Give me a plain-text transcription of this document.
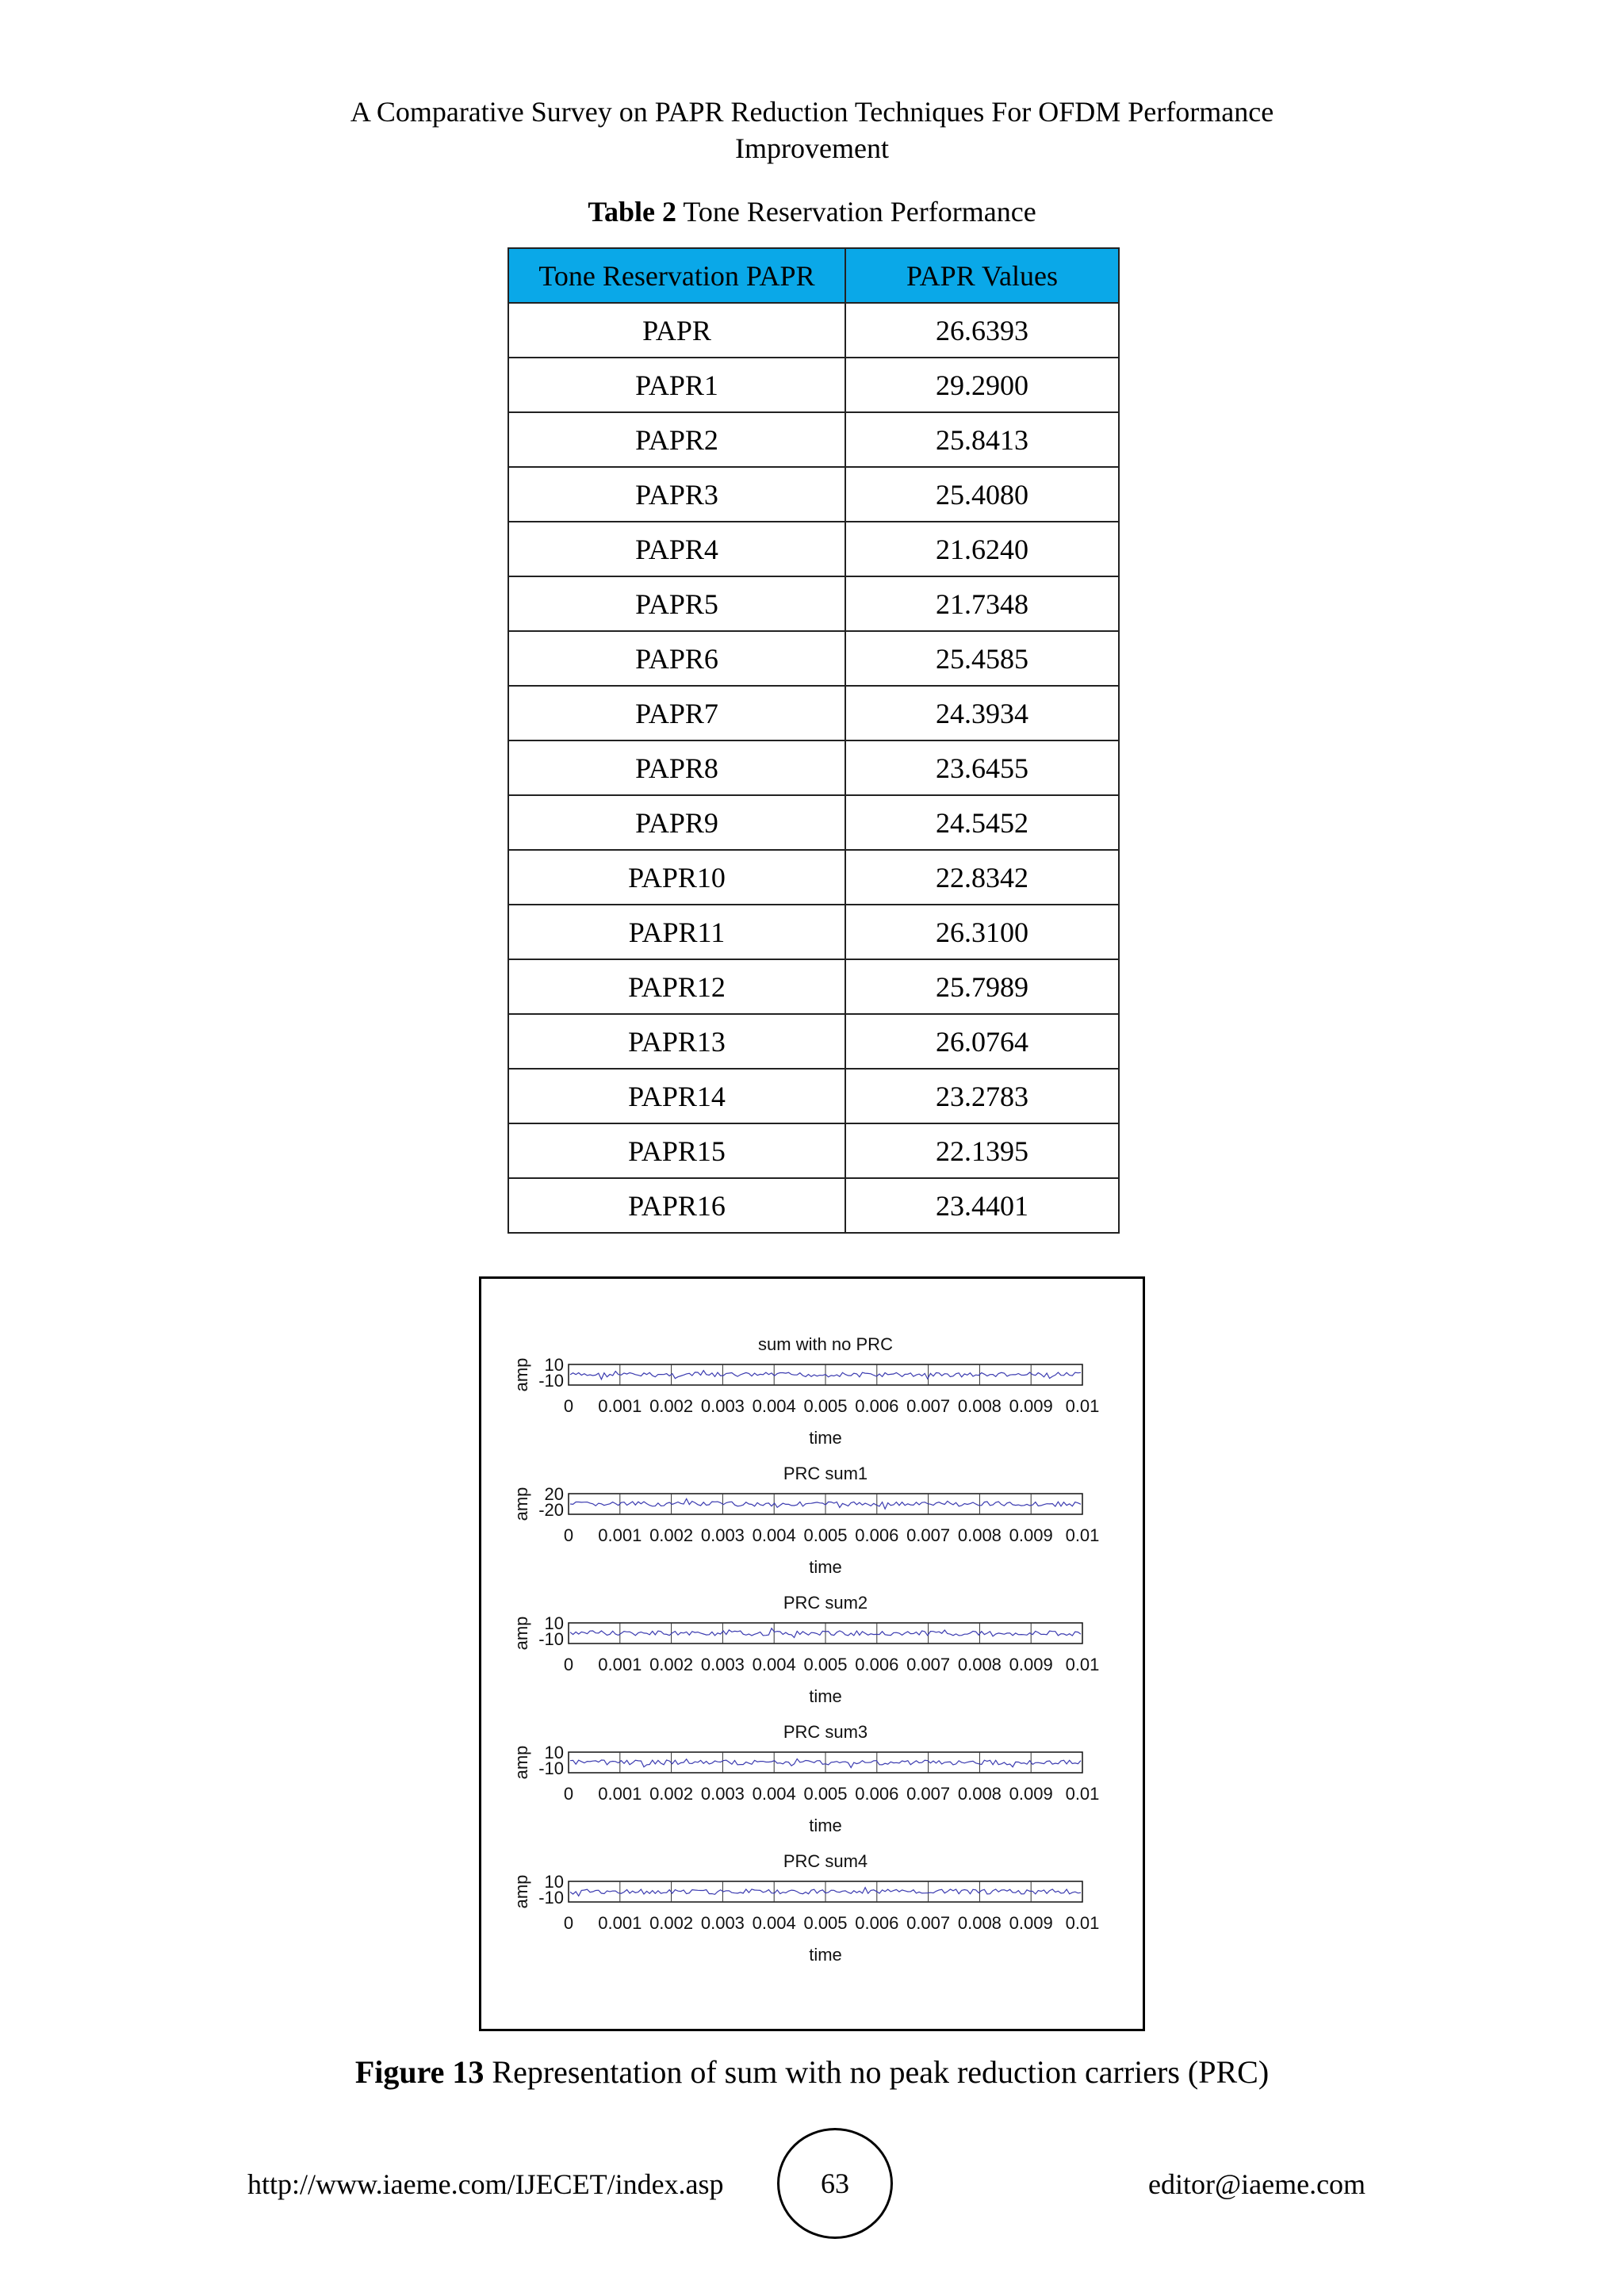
A Comparative Survey on PAPR Reduction Techniques For OFDM Performance
Improvement
Table 2 Tone Reservation Performance
Tone Reservation PAPR	PAPR Values
PAPR	26.6393
PAPR1	29.2900
PAPR2	25.8413
PAPR3	25.4080
PAPR4	21.6240
PAPR5	21.7348
PAPR6	25.4585
PAPR7	24.3934
PAPR8	23.6455
PAPR9	24.5452
PAPR10	22.8342
PAPR11	26.3100
PAPR12	25.7989
PAPR13	26.0764
PAPR14	23.2783
PAPR15	22.1395
PAPR16	23.4401
sum with no PRC
0 0.001 0.002 0.003 0.004 0.005 0.006 0.007 0.008 0.009 0.01
10
-10
amp
time
PRC sum1
0 0.001 0.002 0.003 0.004 0.005 0.006 0.007 0.008 0.009 0.01
20
-20
amp
time
PRC sum2
0 0.001 0.002 0.003 0.004 0.005 0.006 0.007 0.008 0.009 0.01
10
-10
amp
time
PRC sum3
0 0.001 0.002 0.003 0.004 0.005 0.006 0.007 0.008 0.009 0.01
10
-10
amp
time
PRC sum4
0 0.001 0.002 0.003 0.004 0.005 0.006 0.007 0.008 0.009 0.01
10
-10
amp
time
Figure 13 Representation of sum with no peak reduction carriers (PRC)
http://www.iaeme.com/IJECET/index.asp	63	editor@iaeme.com
